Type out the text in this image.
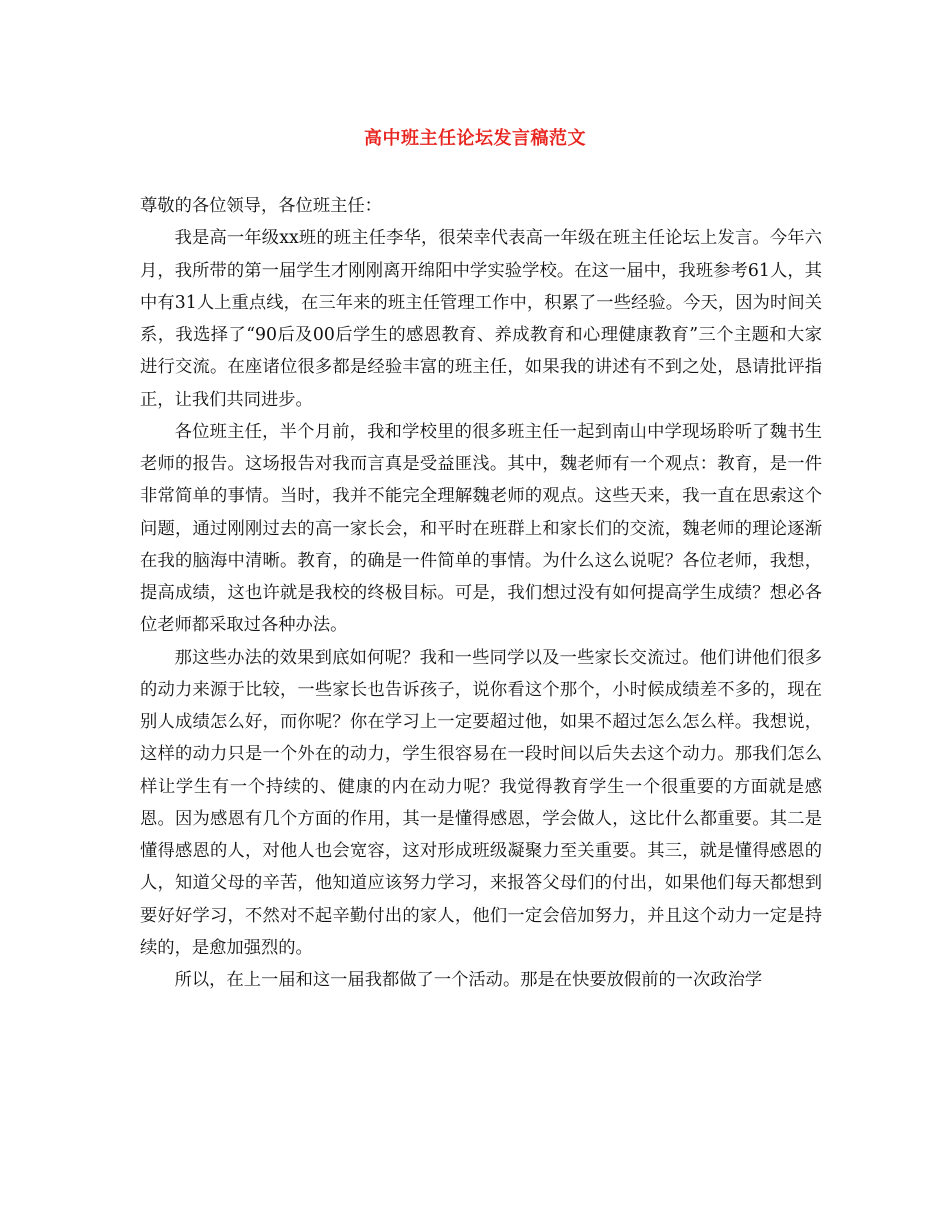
高中班主任论坛发言稿范文

尊敬的各位领导，各位班主任：

我是高一年级xx班的班主任李华，很荣幸代表高一年级在班主任论坛上发言。今年六月，我所带的第一届学生才刚刚离开绵阳中学实验学校。在这一届中，我班参考61人，其中有31人上重点线，在三年来的班主任管理工作中，积累了一些经验。今天，因为时间关系，我选择了“90后及00后学生的感恩教育、养成教育和心理健康教育”三个主题和大家进行交流。在座诸位很多都是经验丰富的班主任，如果我的讲述有不到之处，恳请批评指正，让我们共同进步。

各位班主任，半个月前，我和学校里的很多班主任一起到南山中学现场聆听了魏书生老师的报告。这场报告对我而言真是受益匪浅。其中，魏老师有一个观点：教育，是一件非常简单的事情。当时，我并不能完全理解魏老师的观点。这些天来，我一直在思索这个问题，通过刚刚过去的高一家长会，和平时在班群上和家长们的交流，魏老师的理论逐渐在我的脑海中清晰。教育，的确是一件简单的事情。为什么这么说呢？各位老师，我想，提高成绩，这也许就是我校的终极目标。可是，我们想过没有如何提高学生成绩？想必各位老师都采取过各种办法。

那这些办法的效果到底如何呢？我和一些同学以及一些家长交流过。他们讲他们很多的动力来源于比较，一些家长也告诉孩子，说你看这个那个，小时候成绩差不多的，现在别人成绩怎么好，而你呢？你在学习上一定要超过他，如果不超过怎么怎么样。我想说，这样的动力只是一个外在的动力，学生很容易在一段时间以后失去这个动力。那我们怎么样让学生有一个持续的、健康的内在动力呢？我觉得教育学生一个很重要的方面就是感恩。因为感恩有几个方面的作用，其一是懂得感恩，学会做人，这比什么都重要。其二是懂得感恩的人，对他人也会宽容，这对形成班级凝聚力至关重要。其三，就是懂得感恩的人，知道父母的辛苦，他知道应该努力学习，来报答父母们的付出，如果他们每天都想到要好好学习，不然对不起辛勤付出的家人，他们一定会倍加努力，并且这个动力一定是持续的，是愈加强烈的。

所以，在上一届和这一届我都做了一个活动。那是在快要放假前的一次政治学
